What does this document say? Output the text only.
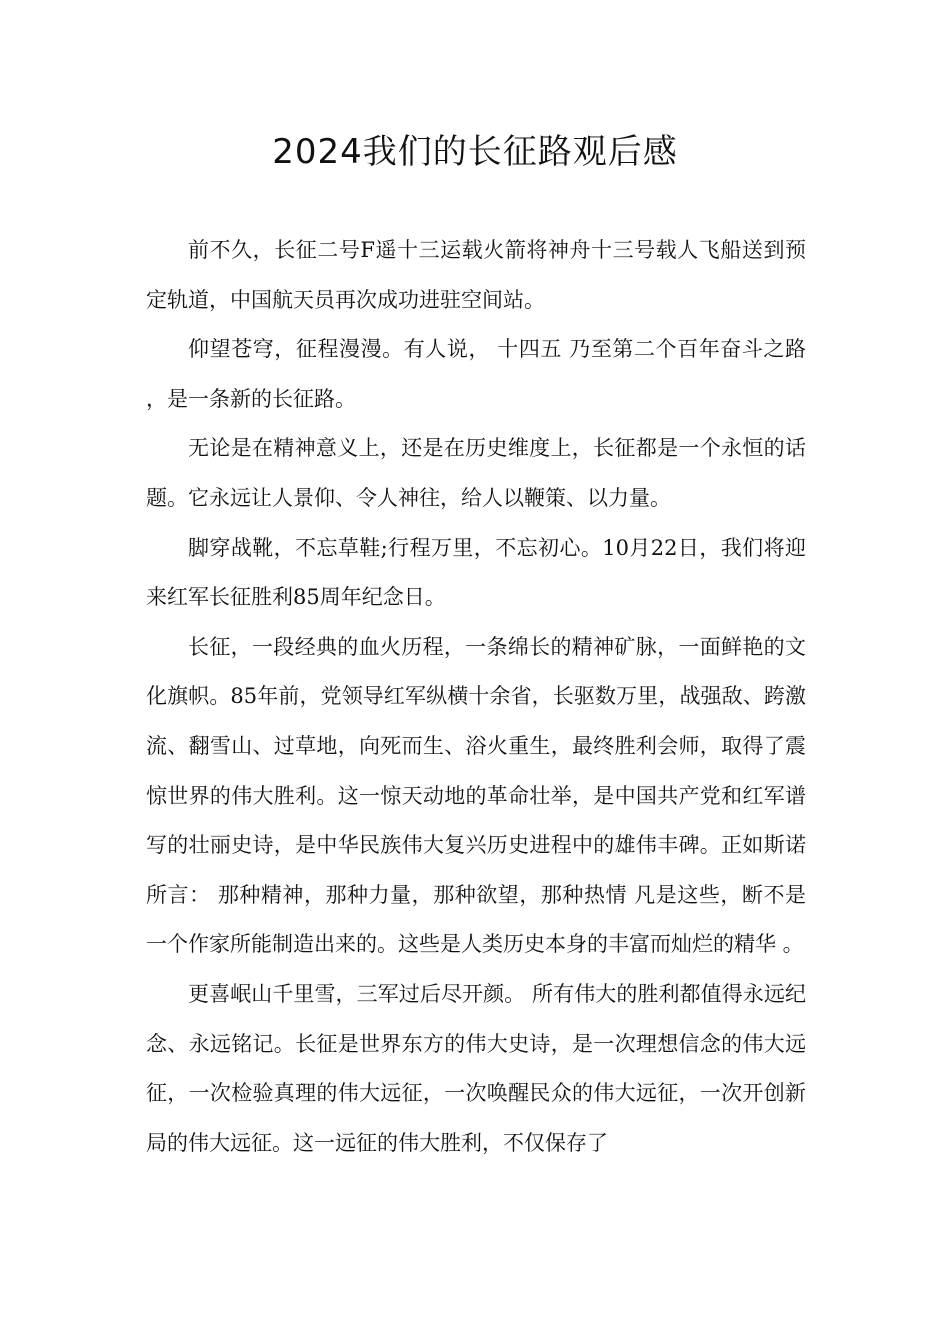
2024我们的长征路观后感

前不久，长征二号F遥十三运载火箭将神舟十三号载人飞船送到预定轨道，中国航天员再次成功进驻空间站。

仰望苍穹，征程漫漫。有人说， 十四五 乃至第二个百年奋斗之路，是一条新的长征路。

无论是在精神意义上，还是在历史维度上，长征都是一个永恒的话题。它永远让人景仰、令人神往，给人以鞭策、以力量。

脚穿战靴，不忘草鞋;行程万里，不忘初心。10月22日，我们将迎来红军长征胜利85周年纪念日。

长征，一段经典的血火历程，一条绵长的精神矿脉，一面鲜艳的文化旗帜。85年前，党领导红军纵横十余省，长驱数万里，战强敌、跨激流、翻雪山、过草地，向死而生、浴火重生，最终胜利会师，取得了震惊世界的伟大胜利。这一惊天动地的革命壮举，是中国共产党和红军谱写的壮丽史诗，是中华民族伟大复兴历史进程中的雄伟丰碑。正如斯诺所言： 那种精神，那种力量，那种欲望，那种热情 凡是这些，断不是一个作家所能制造出来的。这些是人类历史本身的丰富而灿烂的精华 。

更喜岷山千里雪，三军过后尽开颜。 所有伟大的胜利都值得永远纪念、永远铭记。长征是世界东方的伟大史诗，是一次理想信念的伟大远征，一次检验真理的伟大远征，一次唤醒民众的伟大远征，一次开创新局的伟大远征。这一远征的伟大胜利，不仅保存了
